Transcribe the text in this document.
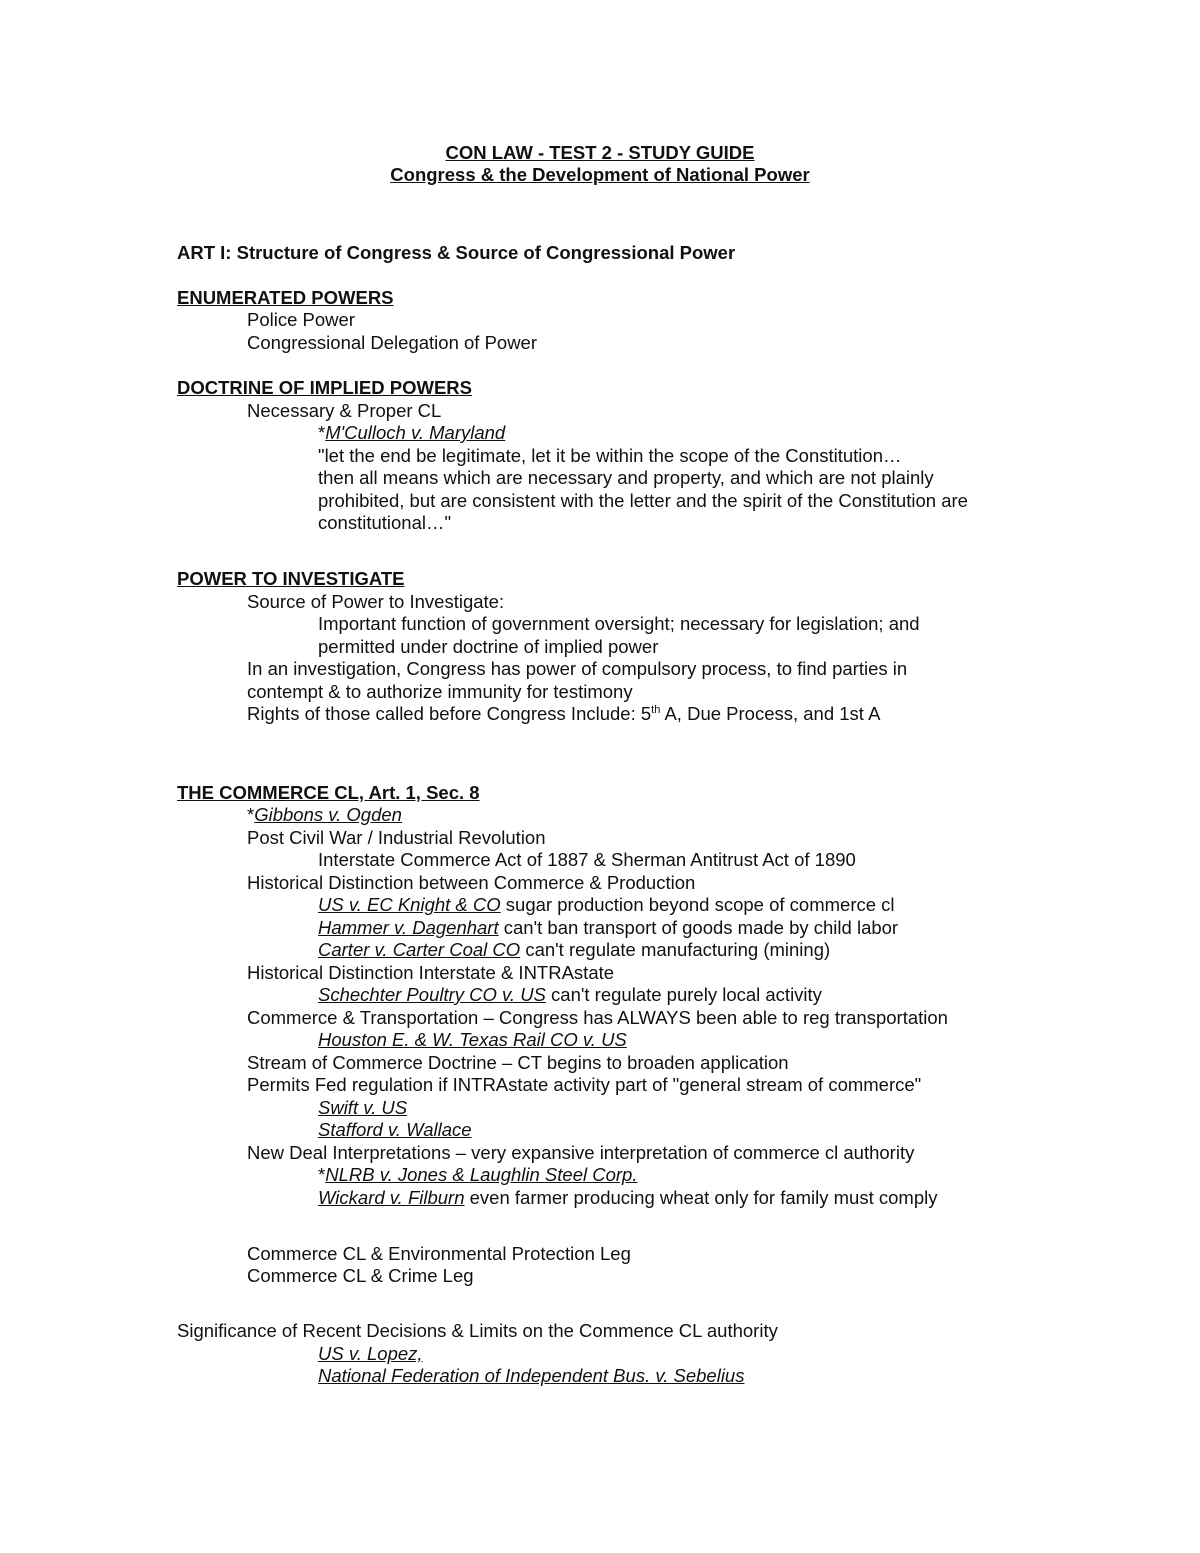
CON LAW - TEST 2 - STUDY GUIDE
Congress & the Development of National Power
ART I: Structure of Congress & Source of Congressional Power
ENUMERATED POWERS
Police Power
Congressional Delegation of Power
DOCTRINE OF IMPLIED POWERS
Necessary & Proper CL
*M'Culloch v. Maryland
"let the end be legitimate, let it be within the scope of the Constitution…
then all means which are necessary and property, and which are not plainly
prohibited, but are consistent with the letter and the spirit of the Constitution are
constitutional…"
POWER TO INVESTIGATE
Source of Power to Investigate:
Important function of government oversight; necessary for legislation; and
permitted under doctrine of implied power
In an investigation, Congress has power of compulsory process, to find parties in
contempt & to authorize immunity for testimony
Rights of those called before Congress Include: 5th A, Due Process, and 1st A
THE COMMERCE CL, Art. 1, Sec. 8
*Gibbons v. Ogden
Post Civil War / Industrial Revolution
Interstate Commerce Act of 1887 & Sherman Antitrust Act of 1890
Historical Distinction between Commerce & Production
US v. EC Knight & CO sugar production beyond scope of commerce cl
Hammer v. Dagenhart can't ban transport of goods made by child labor
Carter v. Carter Coal CO can't regulate manufacturing (mining)
Historical Distinction Interstate & INTRAstate
Schechter Poultry CO v. US can't regulate purely local activity
Commerce & Transportation – Congress has ALWAYS been able to reg transportation
Houston E. & W. Texas Rail CO v. US
Stream of Commerce Doctrine – CT begins to broaden application
Permits Fed regulation if INTRAstate activity part of "general stream of commerce"
Swift v. US
Stafford v. Wallace
New Deal Interpretations – very expansive interpretation of commerce cl authority
*NLRB v. Jones & Laughlin Steel Corp.
Wickard v. Filburn even farmer producing wheat only for family must comply
Commerce CL & Environmental Protection Leg
Commerce CL & Crime Leg
Significance of Recent Decisions & Limits on the Commence CL authority
US v. Lopez,
National Federation of Independent Bus. v. Sebelius
